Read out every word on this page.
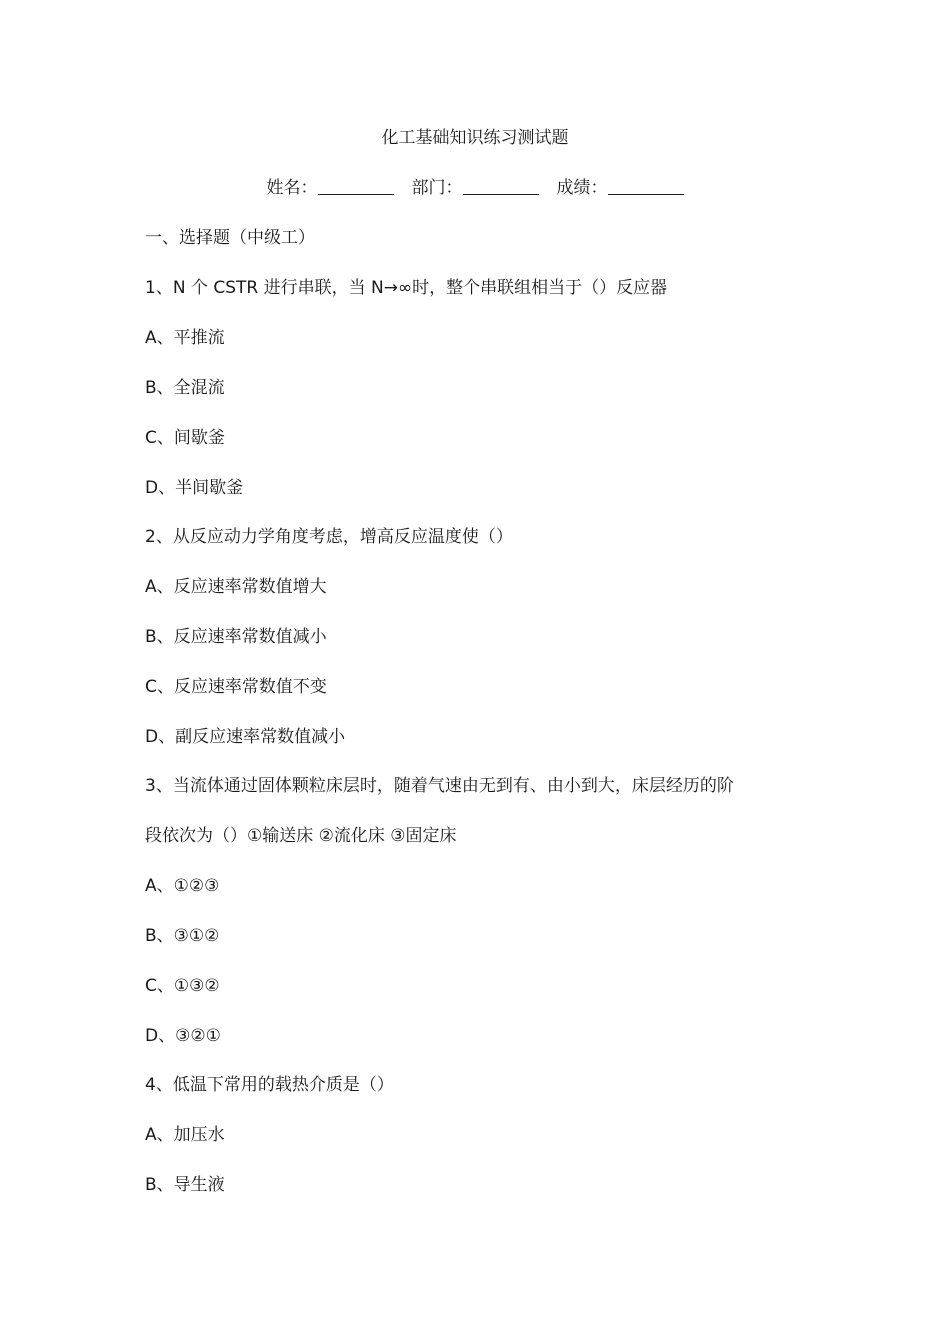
化工基础知识练习测试题
姓名：	部门：	成绩：
一、选择题（中级工）
1、N 个 CSTR 进行串联，当 N→∞时，整个串联组相当于（）反应器
A、平推流
B、全混流
C、间歇釜
D、半间歇釜
2、从反应动力学角度考虑，增高反应温度使（）
A、反应速率常数值增大
B、反应速率常数值减小
C、反应速率常数值不变
D、副反应速率常数值减小
3、当流体通过固体颗粒床层时，随着气速由无到有、由小到大，床层经历的阶
段依次为（）①输送床 ②流化床 ③固定床
A、①②③
B、③①②
C、①③②
D、③②①
4、低温下常用的载热介质是（）
A、加压水
B、导生液
